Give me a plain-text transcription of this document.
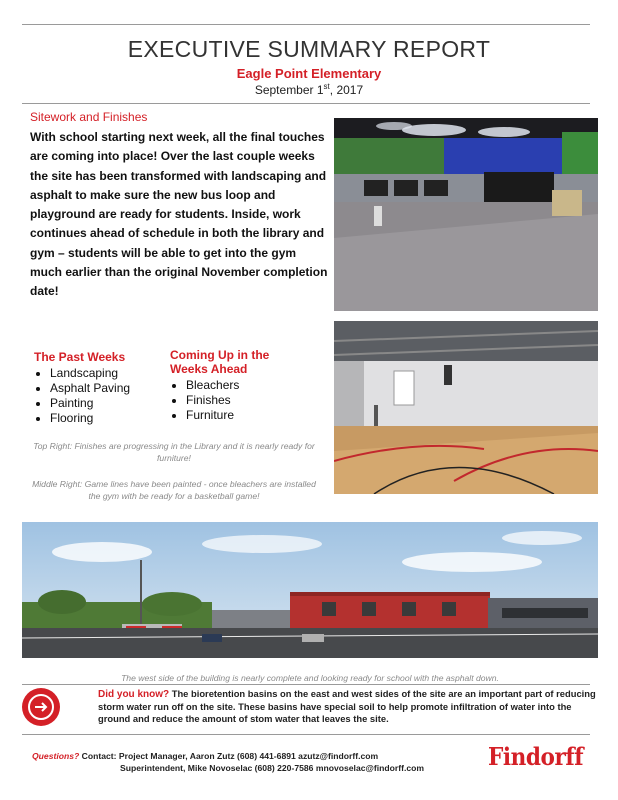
EXECUTIVE SUMMARY REPORT
Eagle Point Elementary
September 1st, 2017
Sitework and Finishes
With school starting next week, all the final touches are coming into place! Over the last couple weeks the site has been transformed with landscaping and asphalt to make sure the new bus loop and playground are ready for students. Inside, work continues ahead of schedule in both the library and gym – students will be able to get into the gym much earlier than the original November completion date!
The Past Weeks
• Landscaping
• Asphalt Paving
• Painting
• Flooring
Coming Up in the
Weeks Ahead
• Bleachers
• Finishes
• Furniture
Top Right: Finishes are progressing in the Library and it is nearly ready for furniture!
Middle Right: Game lines have been painted - once bleachers are installed the gym with be ready for a basketball game!
The west side of the building is nearly complete and looking ready for school with the asphalt down.
Did you know? The bioretention basins on the east and west sides of the site are an important part of reducing storm water run off on the site. These basins have special soil to help promote infiltration of water into the ground and reduce the amount of stom water that leaves the site.
Questions? Contact: Project Manager, Aaron Zutz (608) 441-6891 azutz@findorff.com
Superintendent, Mike Novoselac (608) 220-7586 mnovoselac@findorff.com	Findorff
